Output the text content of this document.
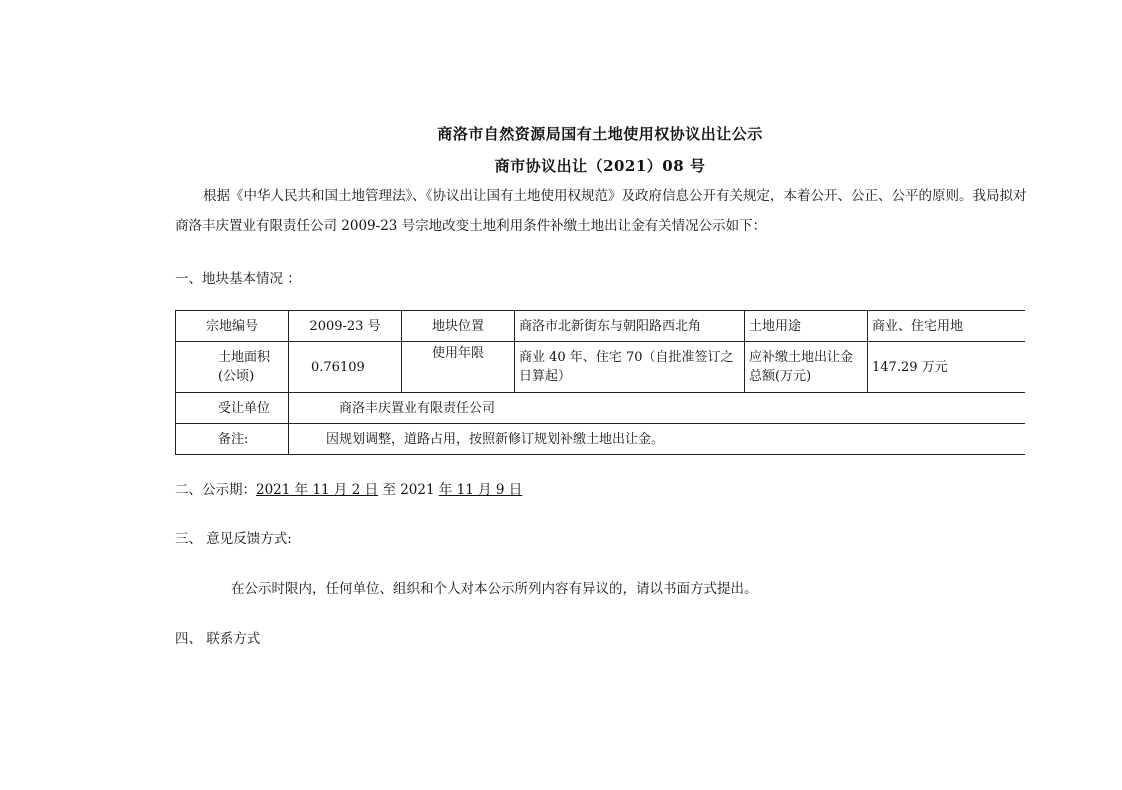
商洛市自然资源局国有土地使用权协议出让公示
商市协议出让（2021）08 号
根据《中华人民共和国土地管理法》、《协议出让国有土地使用权规范》及政府信息公开有关规定，本着公开、公正、公平的原则。我局拟对商洛丰庆置业有限责任公司 2009-23 号宗地改变土地利用条件补缴土地出让金有关情况公示如下：
一、地块基本情况 ：
宗地编号	2009-23 号	地块位置	商洛市北新街东与朝阳路西北角	土地用途	商业、住宅用地
土地面积(公顷)	0.76109	使用年限	商业 40 年、住宅 70（自批准签订之日算起）	应补缴土地出让金总额(万元)	147.29 万元
受让单位	商洛丰庆置业有限责任公司				
备注:	因规划调整，道路占用，按照新修订规划补缴土地出让金。				
二、公示期：2021 年 11 月 2 日 至 2021 年 11 月 9 日
三、 意见反馈方式:
在公示时限内，任何单位、组织和个人对本公示所列内容有异议的，请以书面方式提出。
四、 联系方式
